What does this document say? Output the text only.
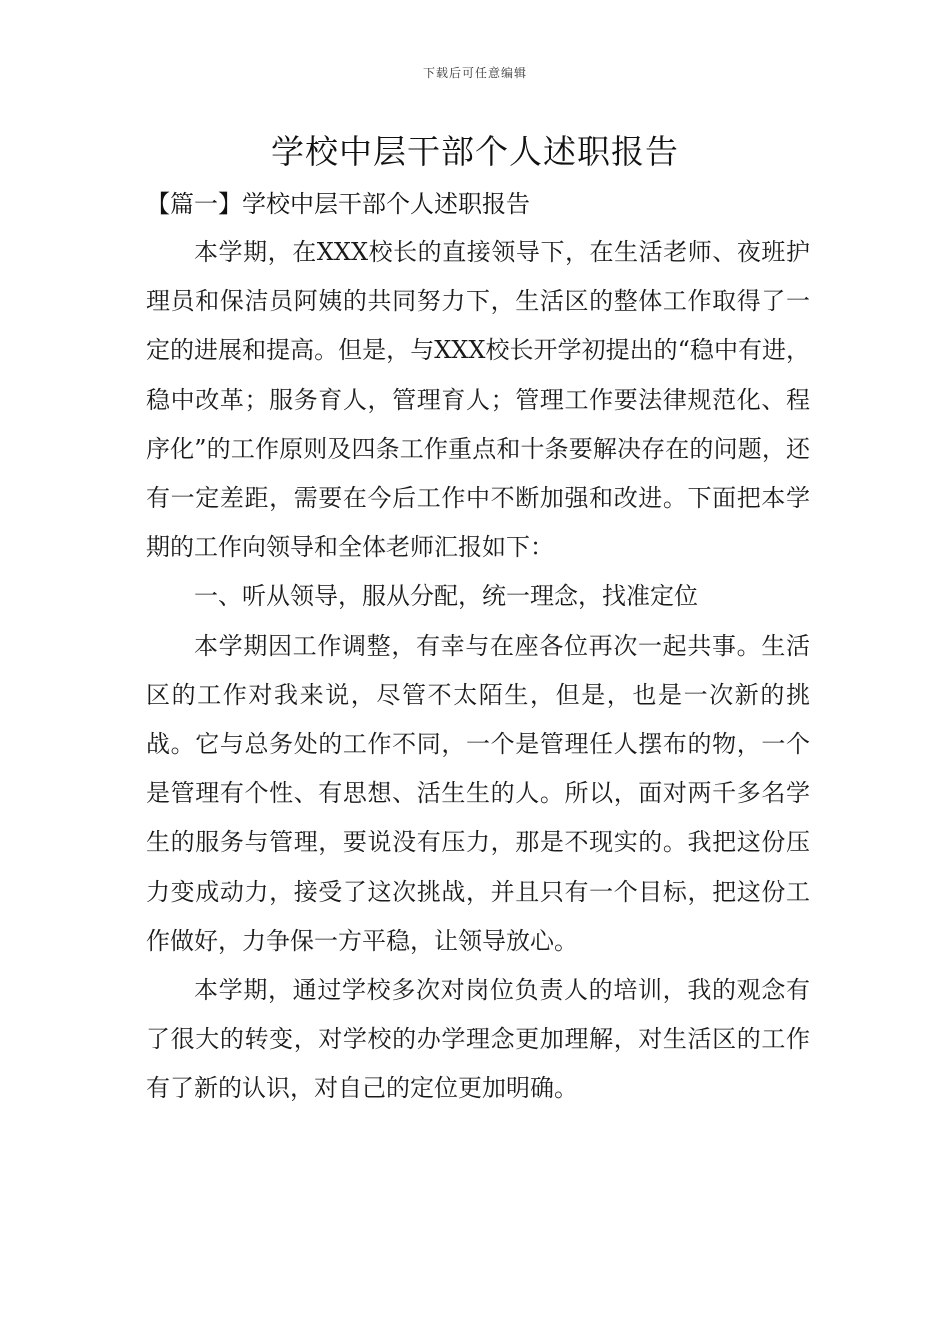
下载后可任意编辑
学校中层干部个人述职报告
【篇一】学校中层干部个人述职报告

本学期，在XXX校长的直接领导下，在生活老师、夜班护理员和保洁员阿姨的共同努力下，生活区的整体工作取得了一定的进展和提高。但是，与XXX校长开学初提出的“稳中有进，稳中改革；服务育人，管理育人；管理工作要法律规范化、程序化”的工作原则及四条工作重点和十条要解决存在的问题，还有一定差距，需要在今后工作中不断加强和改进。下面把本学期的工作向领导和全体老师汇报如下：

一、听从领导，服从分配，统一理念，找准定位

本学期因工作调整，有幸与在座各位再次一起共事。生活区的工作对我来说，尽管不太陌生，但是，也是一次新的挑战。它与总务处的工作不同，一个是管理任人摆布的物，一个是管理有个性、有思想、活生生的人。所以，面对两千多名学生的服务与管理，要说没有压力，那是不现实的。我把这份压力变成动力，接受了这次挑战，并且只有一个目标，把这份工作做好，力争保一方平稳，让领导放心。

本学期，通过学校多次对岗位负责人的培训，我的观念有了很大的转变，对学校的办学理念更加理解，对生活区的工作有了新的认识，对自己的定位更加明确。
